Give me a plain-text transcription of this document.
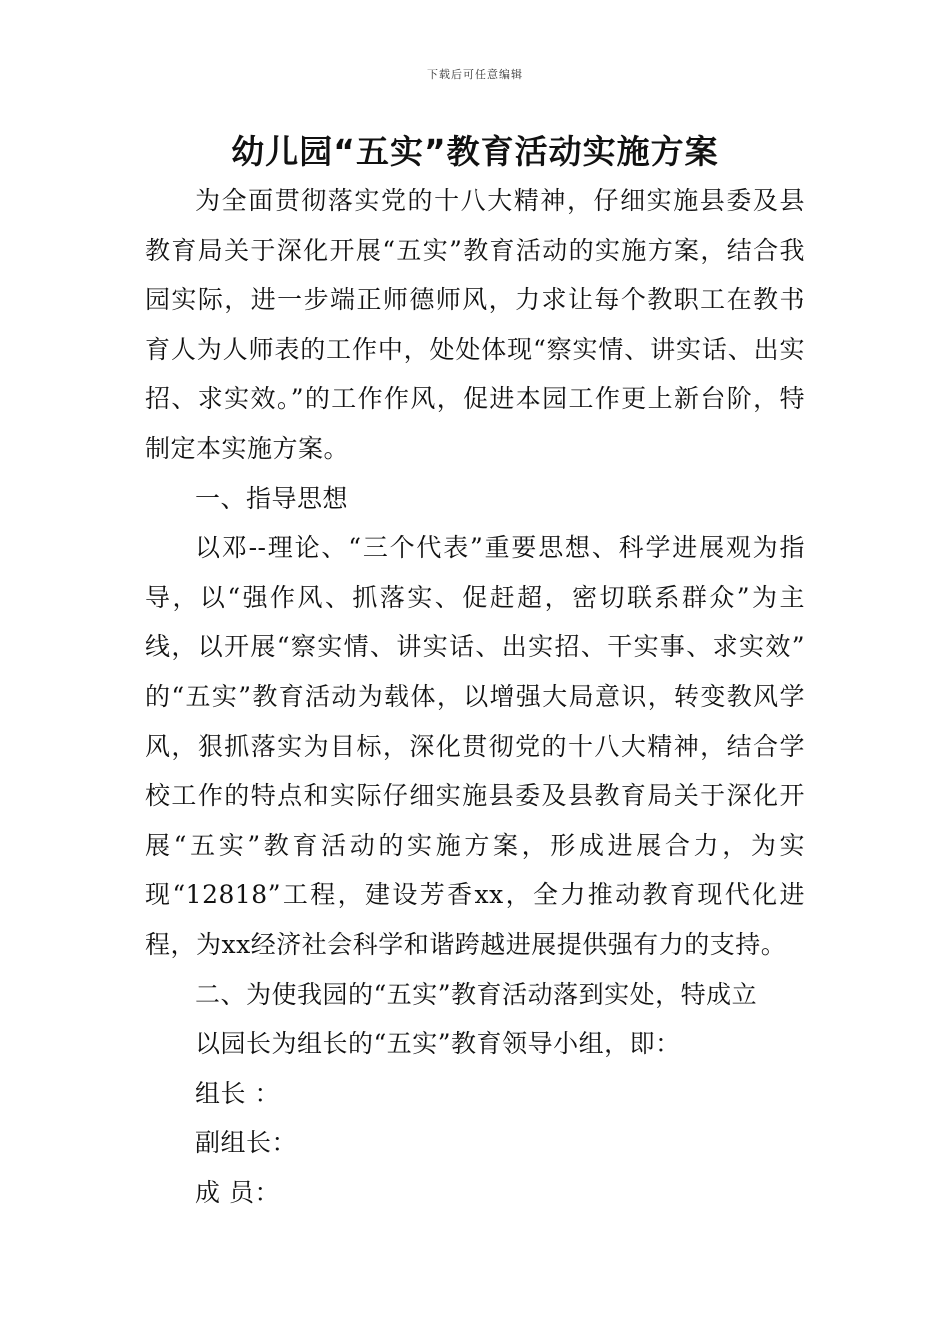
下载后可任意编辑
幼儿园“五实”教育活动实施方案

为全面贯彻落实党的十八大精神，仔细实施县委及县教育局关于深化开展“五实”教育活动的实施方案，结合我园实际，进一步端正师德师风，力求让每个教职工在教书育人为人师表的工作中，处处体现“察实情、讲实话、出实招、求实效。”的工作作风，促进本园工作更上新台阶，特制定本实施方案。

一、指导思想

以邓--理论、“三个代表”重要思想、科学进展观为指导，以“强作风、抓落实、促赶超，密切联系群众”为主线，以开展“察实情、讲实话、出实招、干实事、求实效” 的“五实”教育活动为载体，以增强大局意识，转变教风学风，狠抓落实为目标，深化贯彻党的十八大精神，结合学校工作的特点和实际仔细实施县委及县教育局关于深化开展“五实”教育活动的实施方案，形成进展合力，为实现“12818”工程，建设芳香xx，全力推动教育现代化进程，为xx经济社会科学和谐跨越进展提供强有力的支持。

二、为使我园的“五实”教育活动落到实处，特成立

以园长为组长的“五实”教育领导小组，即：

组长 ：

副组长：

成 员：
